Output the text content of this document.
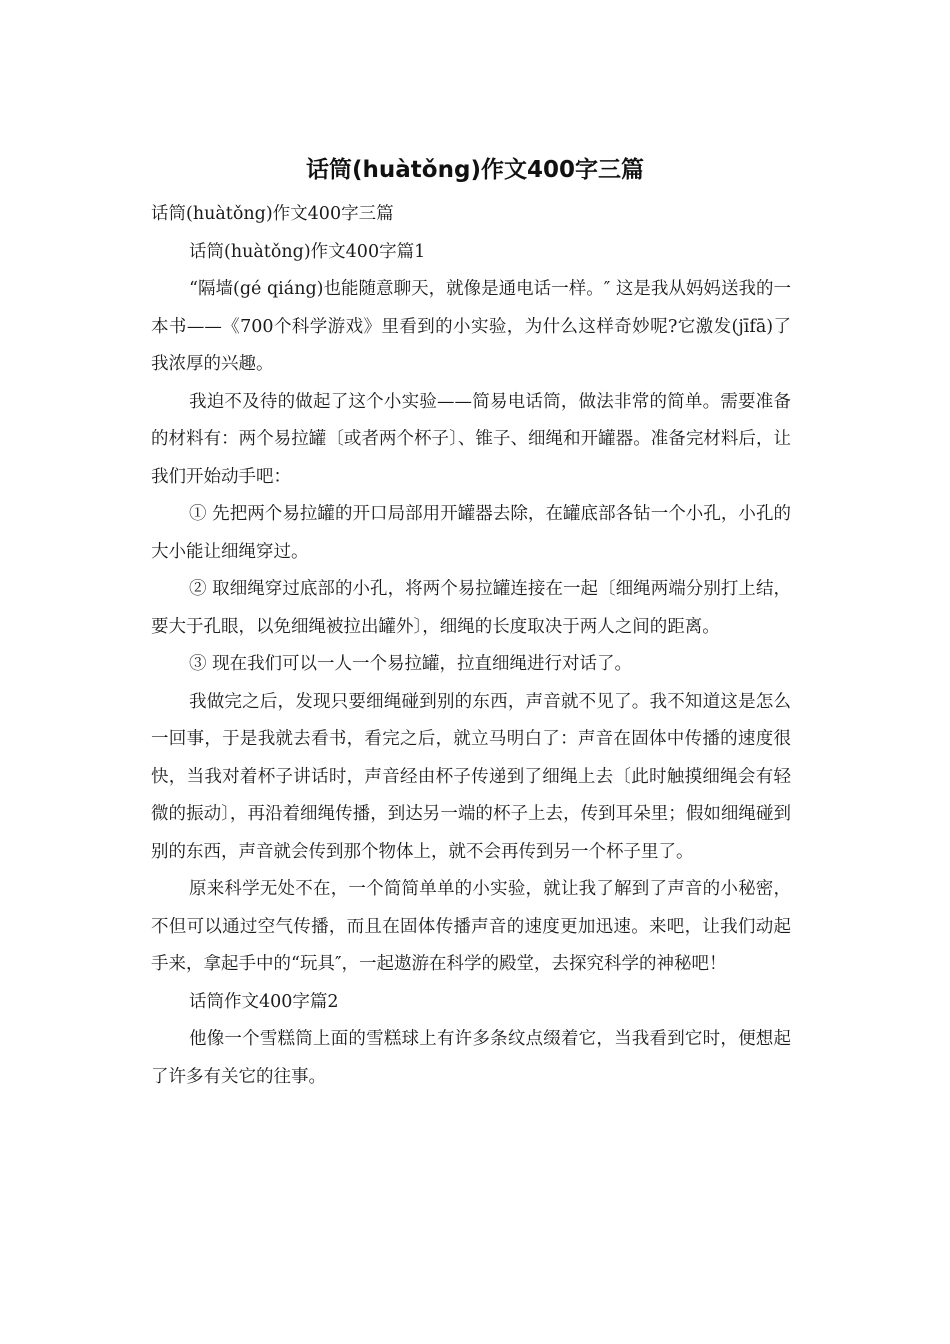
话筒(huàtǒng)作文400字三篇

话筒(huàtǒng)作文400字三篇

话筒(huàtǒng)作文400字篇1

“隔墙(gé qiáng)也能随意聊天，就像是通电话一样。″ 这是我从妈妈送我的一本书——《700个科学游戏》里看到的小实验，为什么这样奇妙呢?它激发(jīfā)了我浓厚的兴趣。

我迫不及待的做起了这个小实验——简易电话筒，做法非常的简单。需要准备的材料有：两个易拉罐〔或者两个杯子〕、锥子、细绳和开罐器。准备完材料后，让我们开始动手吧：

① 先把两个易拉罐的开口局部用开罐器去除，在罐底部各钻一个小孔，小孔的大小能让细绳穿过。

② 取细绳穿过底部的小孔，将两个易拉罐连接在一起〔细绳两端分别打上结，要大于孔眼，以免细绳被拉出罐外〕，细绳的长度取决于两人之间的距离。

③ 现在我们可以一人一个易拉罐，拉直细绳进行对话了。

我做完之后，发现只要细绳碰到别的东西，声音就不见了。我不知道这是怎么一回事，于是我就去看书，看完之后，就立马明白了：声音在固体中传播的速度很快，当我对着杯子讲话时，声音经由杯子传递到了细绳上去〔此时触摸细绳会有轻微的振动〕，再沿着细绳传播，到达另一端的杯子上去，传到耳朵里；假如细绳碰到别的东西，声音就会传到那个物体上，就不会再传到另一个杯子里了。

原来科学无处不在，一个简简单单的小实验，就让我了解到了声音的小秘密，不但可以通过空气传播，而且在固体传播声音的速度更加迅速。来吧，让我们动起手来，拿起手中的“玩具″，一起遨游在科学的殿堂，去探究科学的神秘吧！

话筒作文400字篇2

他像一个雪糕筒上面的雪糕球上有许多条纹点缀着它，当我看到它时，便想起了许多有关它的往事。
